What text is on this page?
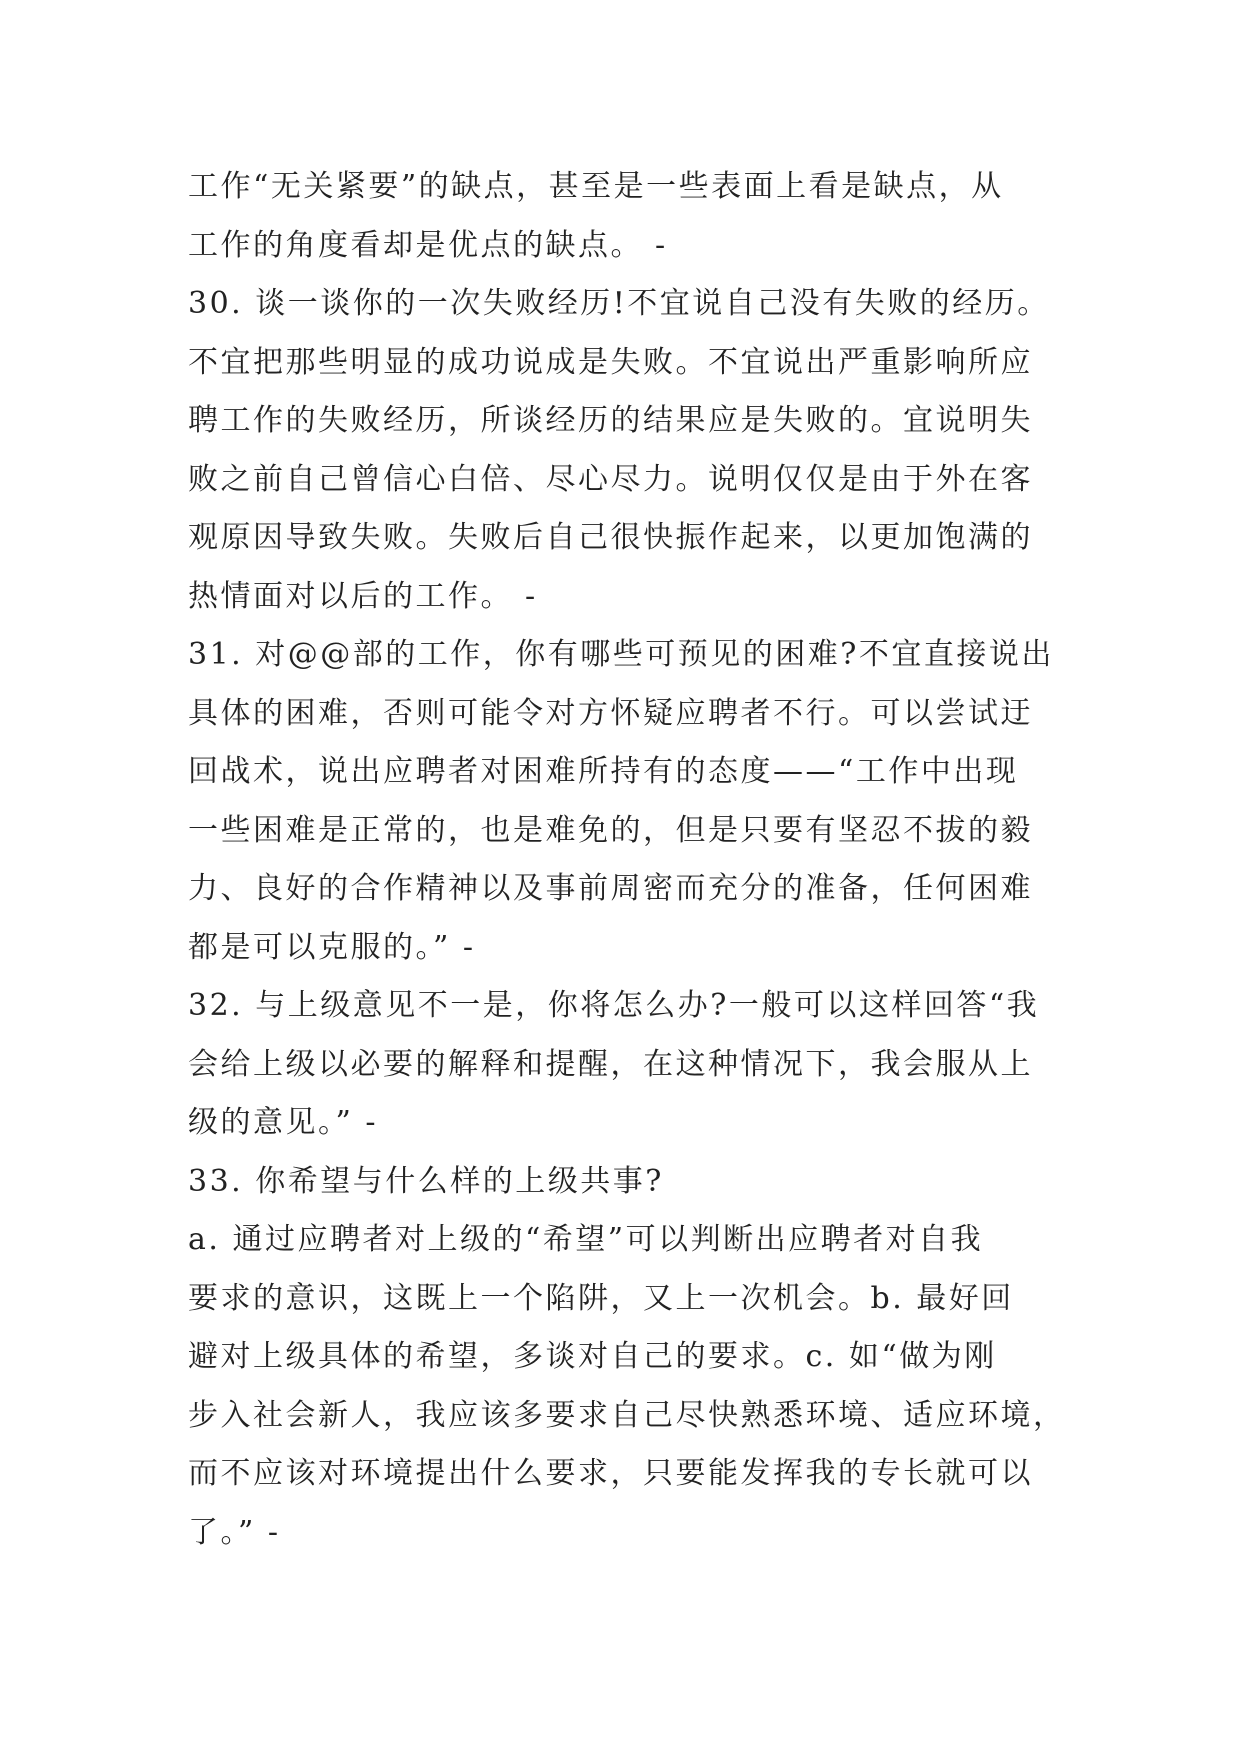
工作“无关紧要”的缺点，甚至是一些表面上看是缺点，从
工作的角度看却是优点的缺点。 -
30. 谈一谈你的一次失败经历!不宜说自己没有失败的经历。
不宜把那些明显的成功说成是失败。不宜说出严重影响所应
聘工作的失败经历，所谈经历的结果应是失败的。宜说明失
败之前自己曾信心白倍、尽心尽力。说明仅仅是由于外在客
观原因导致失败。失败后自己很快振作起来，以更加饱满的
热情面对以后的工作。 -
31. 对@@部的工作，你有哪些可预见的困难?不宜直接说出
具体的困难，否则可能令对方怀疑应聘者不行。可以尝试迂
回战术，说出应聘者对困难所持有的态度——“工作中出现
一些困难是正常的，也是难免的，但是只要有坚忍不拔的毅
力、良好的合作精神以及事前周密而充分的准备，任何困难
都是可以克服的。” -
32. 与上级意见不一是，你将怎么办?一般可以这样回答“我
会给上级以必要的解释和提醒，在这种情况下，我会服从上
级的意见。” -
33. 你希望与什么样的上级共事?
a. 通过应聘者对上级的“希望”可以判断出应聘者对自我
要求的意识，这既上一个陷阱，又上一次机会。b. 最好回
避对上级具体的希望，多谈对自己的要求。c. 如“做为刚
步入社会新人，我应该多要求自己尽快熟悉环境、适应环境，
而不应该对环境提出什么要求，只要能发挥我的专长就可以
了。” -
